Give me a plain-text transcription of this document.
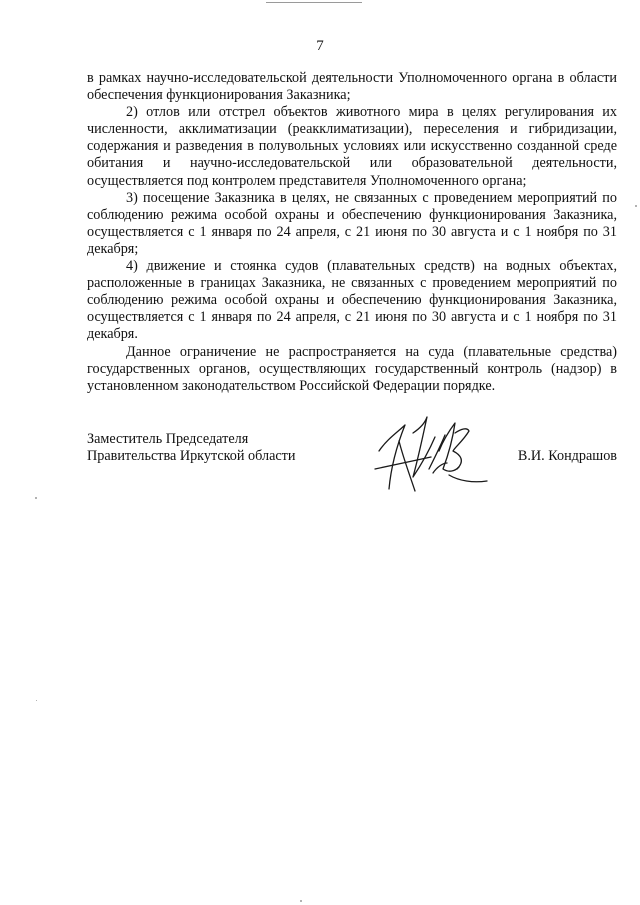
7

в рамках научно-исследовательской деятельности Уполномоченного органа в области обеспечения функционирования Заказника;

2) отлов или отстрел объектов животного мира в целях регулирования их численности, акклиматизации (реакклиматизации), переселения и гибридизации, содержания и разведения в полувольных условиях или искусственно созданной среде обитания и научно-исследовательской или образовательной деятельности, осуществляется под контролем представителя Уполномоченного органа;

3) посещение Заказника в целях, не связанных с проведением мероприятий по соблюдению режима особой охраны и обеспечению функционирования Заказника, осуществляется с 1 января по 24 апреля, с 21 июня по 30 августа и с 1 ноября по 31 декабря;

4) движение и стоянка судов (плавательных средств) на водных объектах, расположенные в границах Заказника, не связанных с проведением мероприятий по соблюдению режима особой охраны и обеспечению функционирования Заказника, осуществляется с 1 января по 24 апреля, с 21 июня по 30 августа и с 1 ноября по 31 декабря.

Данное ограничение не распространяется на суда (плавательные средства) государственных органов, осуществляющих государственный контроль (надзор) в установленном законодательством Российской Федерации порядке.

Заместитель Председателя
Правительства Иркутской области	В.И. Кондрашов
